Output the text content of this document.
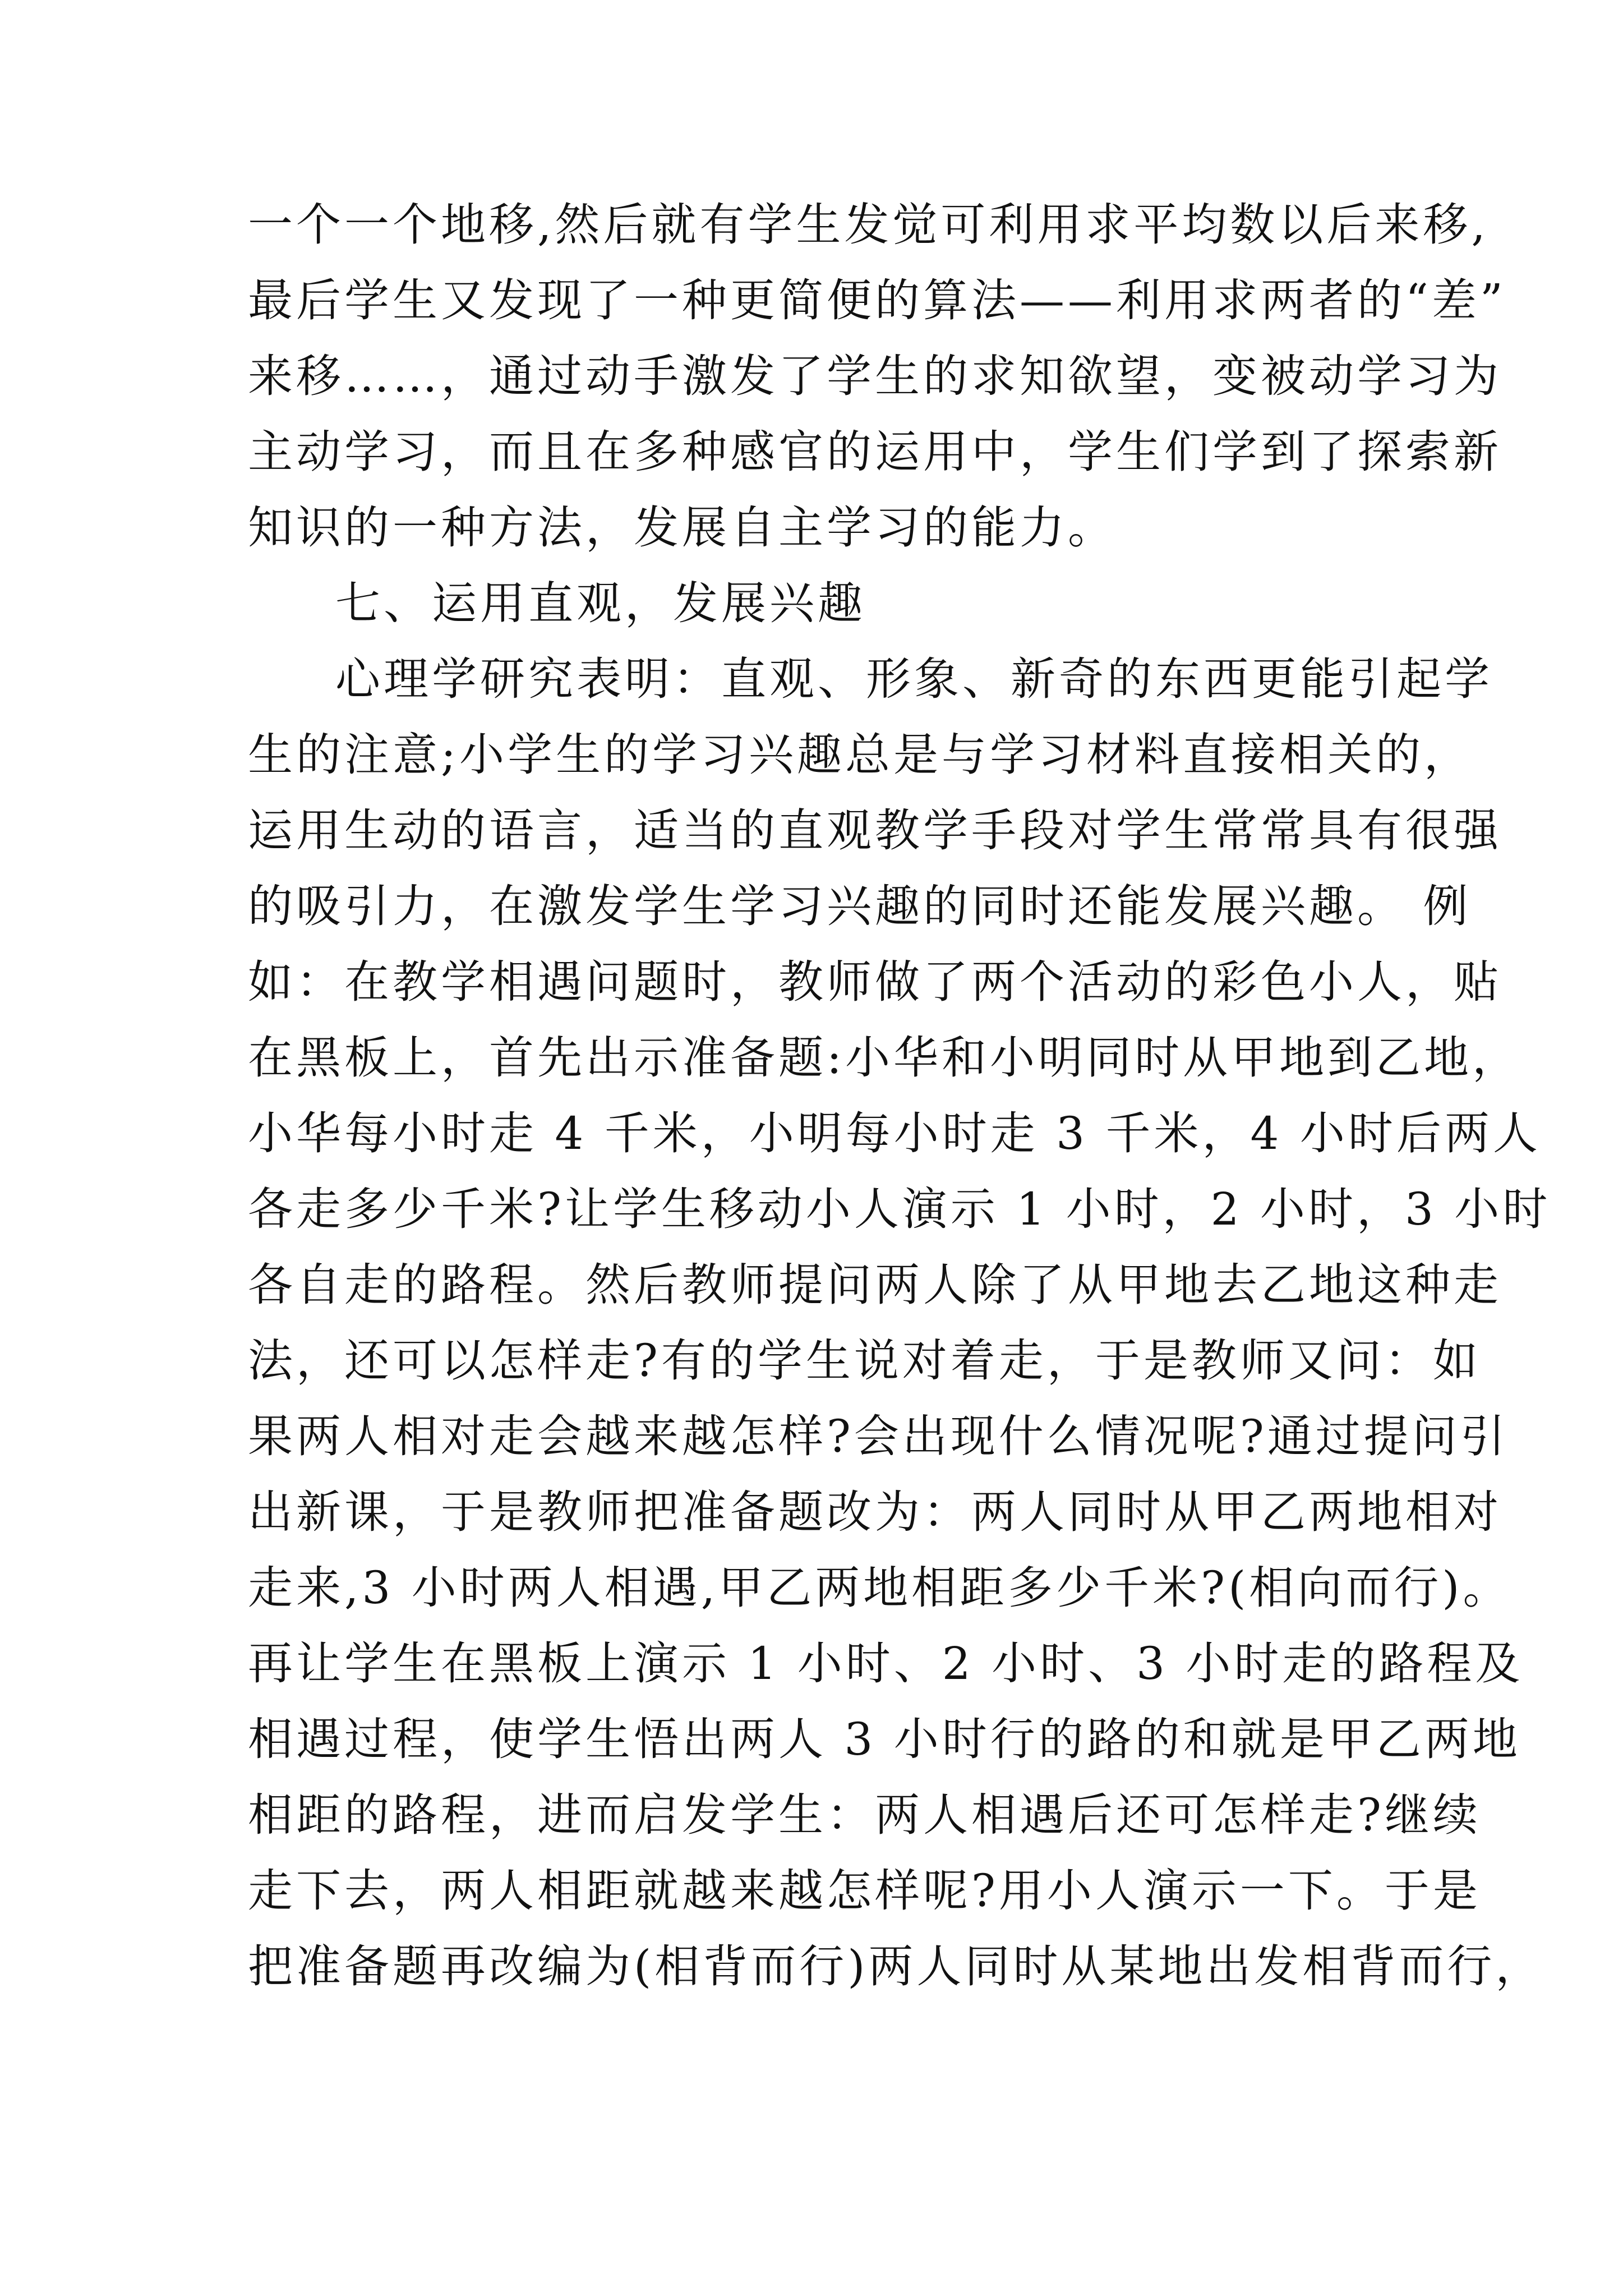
一个一个地移,然后就有学生发觉可利用求平均数以后来移,
最后学生又发现了一种更简便的算法——利用求两者的“差”
来移……，通过动手激发了学生的求知欲望，变被动学习为
主动学习，而且在多种感官的运用中，学生们学到了探索新
知识的一种方法，发展自主学习的能力。
七、运用直观，发展兴趣
心理学研究表明：直观、形象、新奇的东西更能引起学
生的注意;小学生的学习兴趣总是与学习材料直接相关的，
运用生动的语言，适当的直观教学手段对学生常常具有很强
的吸引力，在激发学生学习兴趣的同时还能发展兴趣。 例
如：在教学相遇问题时，教师做了两个活动的彩色小人，贴
在黑板上，首先出示准备题:小华和小明同时从甲地到乙地，
小华每小时走 4 千米，小明每小时走 3 千米，4 小时后两人
各走多少千米?让学生移动小人演示 1 小时，2 小时，3 小时
各自走的路程。然后教师提问两人除了从甲地去乙地这种走
法，还可以怎样走?有的学生说对着走，于是教师又问：如
果两人相对走会越来越怎样?会出现什么情况呢?通过提问引
出新课，于是教师把准备题改为：两人同时从甲乙两地相对
走来,3 小时两人相遇,甲乙两地相距多少千米?(相向而行)。
再让学生在黑板上演示 1 小时、2 小时、3 小时走的路程及
相遇过程，使学生悟出两人 3 小时行的路的和就是甲乙两地
相距的路程，进而启发学生：两人相遇后还可怎样走?继续
走下去，两人相距就越来越怎样呢?用小人演示一下。于是
把准备题再改编为(相背而行)两人同时从某地出发相背而行，
